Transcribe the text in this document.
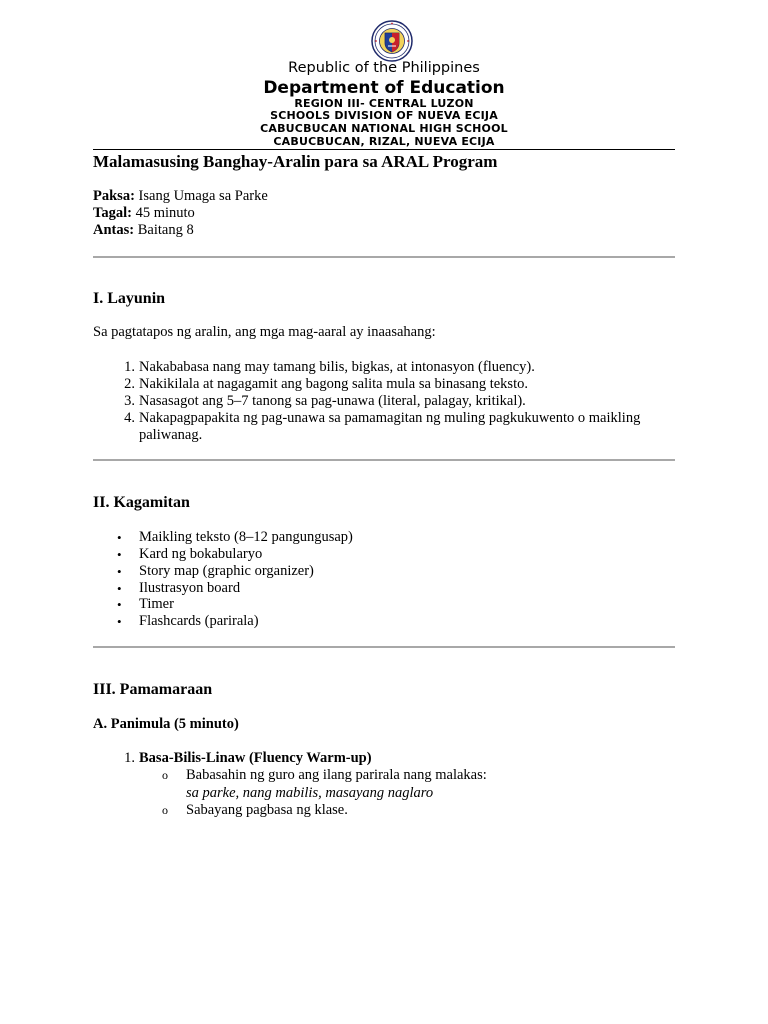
Republic of the Philippines
Department of Education
REGION III- CENTRAL LUZON
SCHOOLS DIVISION OF NUEVA ECIJA
CABUCBUCAN NATIONAL HIGH SCHOOL
CABUCBUCAN, RIZAL, NUEVA ECIJA
Malamasusing Banghay-Aralin para sa ARAL Program
Paksa: Isang Umaga sa Parke
Tagal: 45 minuto
Antas: Baitang 8
I. Layunin
Sa pagtatapos ng aralin, ang mga mag-aaral ay inaasahang:
1. Nakababasa nang may tamang bilis, bigkas, at intonasyon (fluency).
2. Nakikilala at nagagamit ang bagong salita mula sa binasang teksto.
3. Nasasagot ang 5–7 tanong sa pag-unawa (literal, palagay, kritikal).
4. Nakapagpapakita ng pag-unawa sa pamamagitan ng muling pagkukuwento o maikling paliwanag.
II. Kagamitan
• Maikling teksto (8–12 pangungusap)
• Kard ng bokabularyo
• Story map (graphic organizer)
• Ilustrasyon board
• Timer
• Flashcards (parirala)
III. Pamamaraan
A. Panimula (5 minuto)
1. Basa-Bilis-Linaw (Fluency Warm-up)
o Babasahin ng guro ang ilang parirala nang malakas:
sa parke, nang mabilis, masayang naglaro
o Sabayang pagbasa ng klase.
